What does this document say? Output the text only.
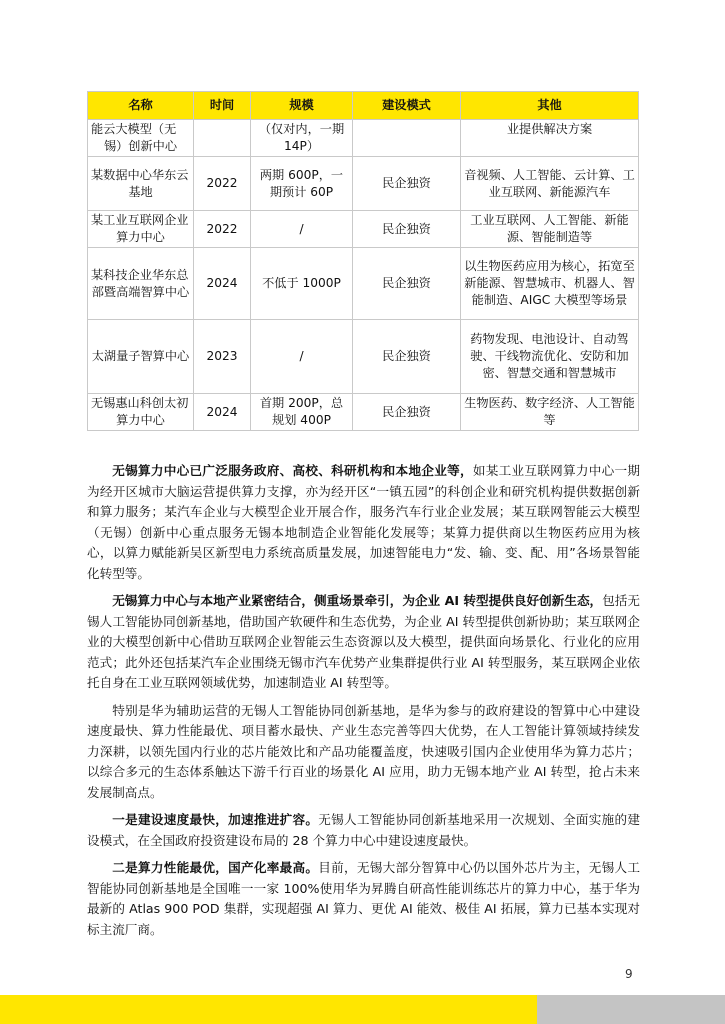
名称	时间	规模	建设模式	其他
能云大模型（无锡）创新中心		（仅对内，一期14P）		业提供解决方案
某数据中心华东云基地	2022	两期 600P，一期预计 60P	民企独资	音视频、人工智能、云计算、工业互联网、新能源汽车
某工业互联网企业算力中心	2022	/	民企独资	工业互联网、人工智能、新能源、智能制造等
某科技企业华东总部暨高端智算中心	2024	不低于 1000P	民企独资	以生物医药应用为核心，拓宽至新能源、智慧城市、机器人、智能制造、AIGC 大模型等场景
太湖量子智算中心	2023	/	民企独资	药物发现、电池设计、自动驾驶、干线物流优化、安防和加密、智慧交通和智慧城市
无锡惠山科创太初算力中心	2024	首期 200P，总规划 400P	民企独资	生物医药、数字经济、人工智能等

无锡算力中心已广泛服务政府、高校、科研机构和本地企业等，如某工业互联网算力中心一期为经开区城市大脑运营提供算力支撑，亦为经开区“一镇五园”的科创企业和研究机构提供数据创新和算力服务；某汽车企业与大模型企业开展合作，服务汽车行业企业发展；某互联网智能云大模型（无锡）创新中心重点服务无锡本地制造企业智能化发展等；某算力提供商以生物医药应用为核心，以算力赋能新吴区新型电力系统高质量发展，加速智能电力“发、输、变、配、用”各场景智能化转型等。

无锡算力中心与本地产业紧密结合，侧重场景牵引，为企业 AI 转型提供良好创新生态，包括无锡人工智能协同创新基地，借助国产软硬件和生态优势，为企业 AI 转型提供创新协助；某互联网企业的大模型创新中心借助互联网企业智能云生态资源以及大模型，提供面向场景化、行业化的应用范式；此外还包括某汽车企业围绕无锡市汽车优势产业集群提供行业 AI 转型服务，某互联网企业依托自身在工业互联网领域优势，加速制造业 AI 转型等。

特别是华为辅助运营的无锡人工智能协同创新基地，是华为参与的政府建设的智算中心中建设速度最快、算力性能最优、项目蓄水最快、产业生态完善等四大优势，在人工智能计算领域持续发力深耕，以领先国内行业的芯片能效比和产品功能覆盖度，快速吸引国内企业使用华为算力芯片；以综合多元的生态体系触达下游千行百业的场景化 AI 应用，助力无锡本地产业 AI 转型，抢占未来发展制高点。

一是建设速度最快，加速推进扩容。无锡人工智能协同创新基地采用一次规划、全面实施的建设模式，在全国政府投资建设布局的 28 个算力中心中建设速度最快。

二是算力性能最优，国产化率最高。目前，无锡大部分智算中心仍以国外芯片为主，无锡人工智能协同创新基地是全国唯一一家 100%使用华为昇腾自研高性能训练芯片的算力中心，基于华为最新的 Atlas 900 POD 集群，实现超强 AI 算力、更优 AI 能效、极佳 AI 拓展，算力已基本实现对标主流厂商。

9
